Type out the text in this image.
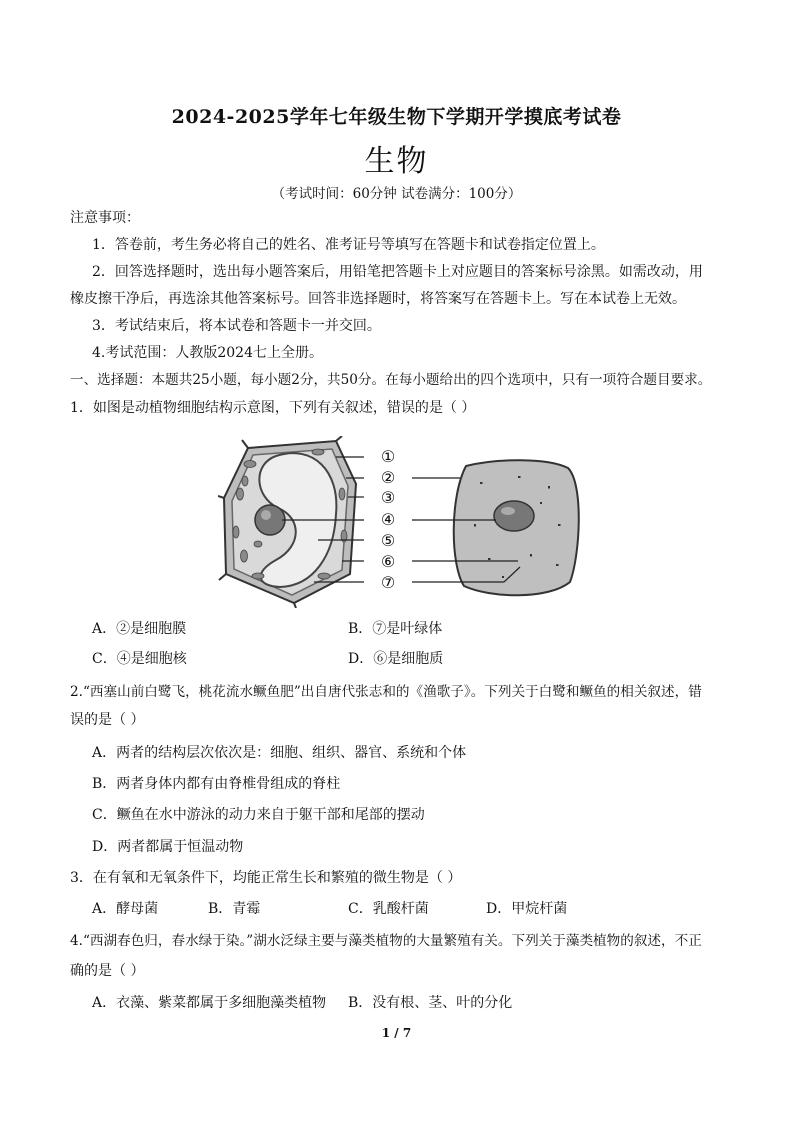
2024-2025学年七年级生物下学期开学摸底考试卷
生物
（考试时间：60分钟 试卷满分：100分）
注意事项：
1．答卷前，考生务必将自己的姓名、准考证号等填写在答题卡和试卷指定位置上。
2．回答选择题时，选出每小题答案后，用铅笔把答题卡上对应题目的答案标号涂黑。如需改动，用
橡皮擦干净后，再选涂其他答案标号。回答非选择题时，将答案写在答题卡上。写在本试卷上无效。
3．考试结束后，将本试卷和答题卡一并交回。
4.考试范围：人教版2024七上全册。
一、选择题：本题共25小题，每小题2分，共50分。在每小题给出的四个选项中，只有一项符合题目要求。
1．如图是动植物细胞结构示意图，下列有关叙述，错误的是（ ）
①
②
③
④
⑤
⑥
⑦
A．②是细胞膜	B．⑦是叶绿体
C．④是细胞核	D．⑥是细胞质
2.“西塞山前白鹭飞，桃花流水鳜鱼肥”出自唐代张志和的《渔歌子》。下列关于白鹭和鳜鱼的相关叙述，错
误的是（ ）
A．两者的结构层次依次是：细胞、组织、器官、系统和个体
B．两者身体内都有由脊椎骨组成的脊柱
C．鳜鱼在水中游泳的动力来自于躯干部和尾部的摆动
D．两者都属于恒温动物
3．在有氧和无氧条件下，均能正常生长和繁殖的微生物是（ ）
A．酵母菌	B．青霉	C．乳酸杆菌	D．甲烷杆菌
4.“西湖春色归，春水绿于染。”湖水泛绿主要与藻类植物的大量繁殖有关。下列关于藻类植物的叙述，不正
确的是（ ）
A．衣藻、紫菜都属于多细胞藻类植物 B．没有根、茎、叶的分化
1 / 7
